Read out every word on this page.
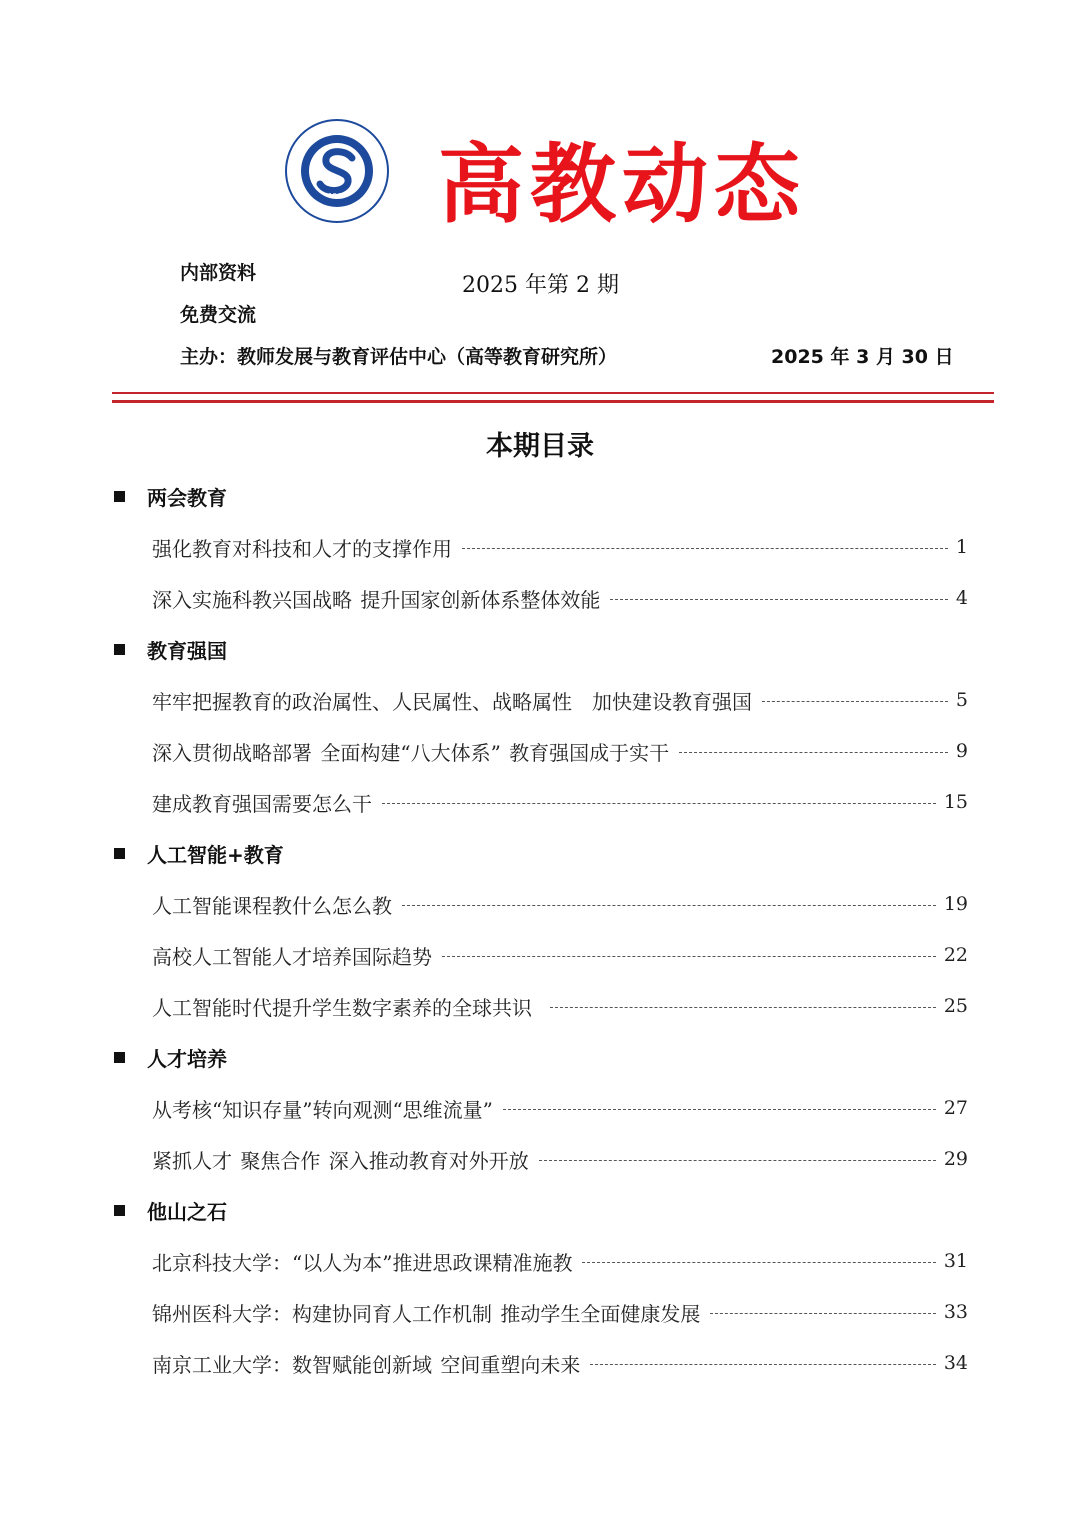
1949 高教动态
内部资料
免费交流
2025 年第 2 期
主办：教师发展与教育评估中心（高等教育研究所）	2025 年 3 月 30 日
本期目录
两会教育
强化教育对科技和人才的支撑作用	1
深入实施科教兴国战略 提升国家创新体系整体效能	4
教育强国
牢牢把握教育的政治属性、人民属性、战略属性　加快建设教育强国	5
深入贯彻战略部署 全面构建“八大体系” 教育强国成于实干	9
建成教育强国需要怎么干	15
人工智能+教育
人工智能课程教什么怎么教	19
高校人工智能人才培养国际趋势	22
人工智能时代提升学生数字素养的全球共识	25
人才培养
从考核“知识存量”转向观测“思维流量”	27
紧抓人才 聚焦合作 深入推动教育对外开放	29
他山之石
北京科技大学：“以人为本”推进思政课精准施教	31
锦州医科大学：构建协同育人工作机制 推动学生全面健康发展	33
南京工业大学：数智赋能创新域 空间重塑向未来	34
